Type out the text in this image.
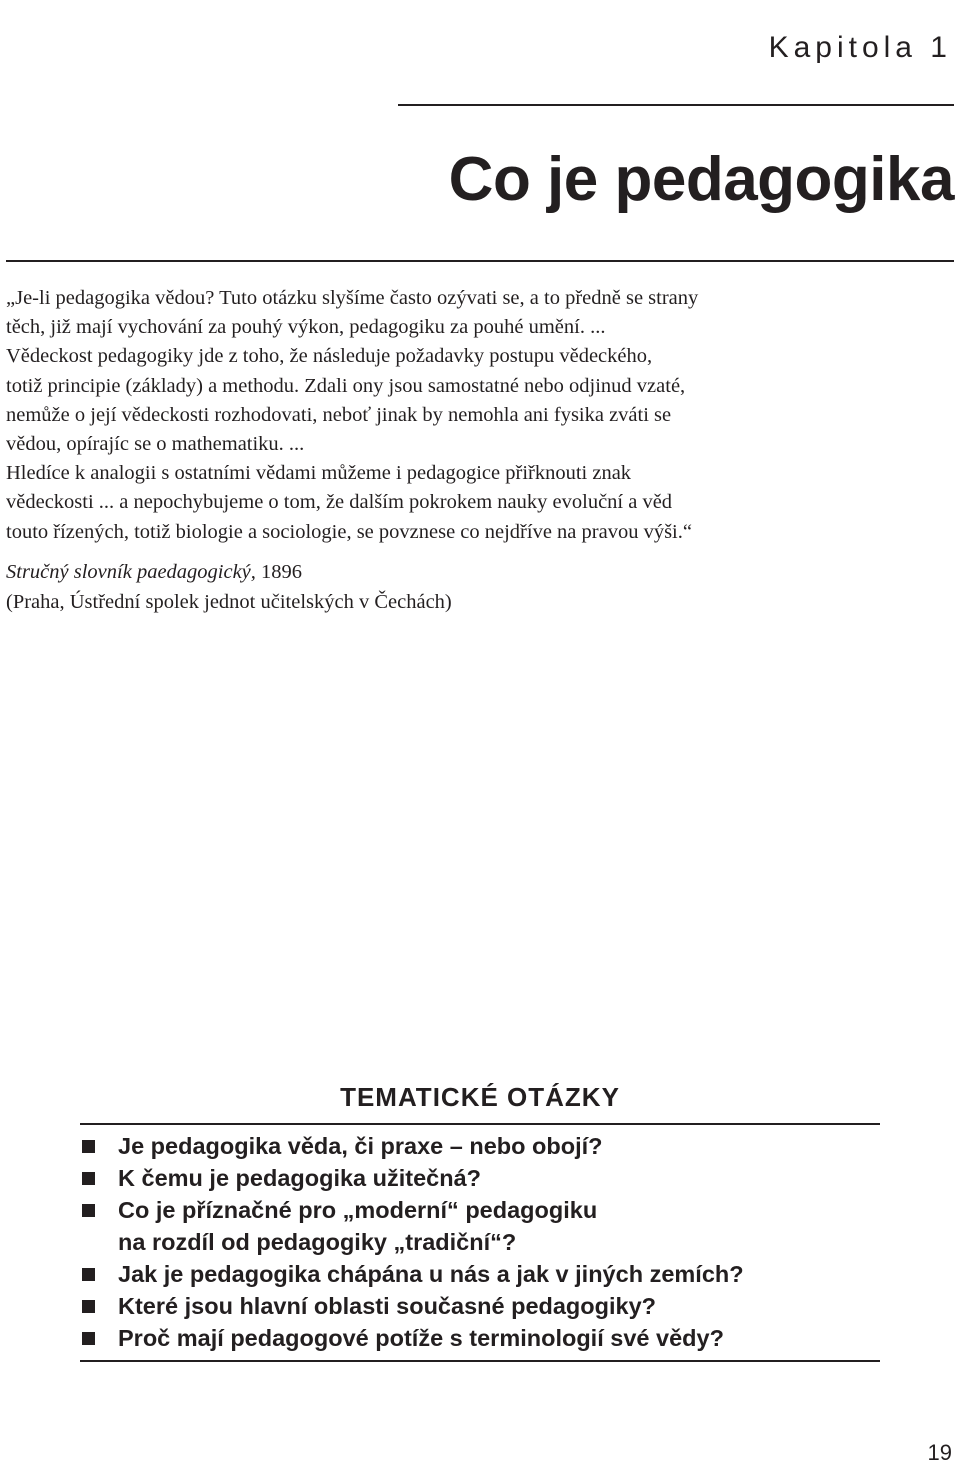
Kapitola 1
Co je pedagogika
„Je-li pedagogika vědou? Tuto otázku slyšíme často ozývati se, a to předně se strany
těch, již mají vychování za pouhý výkon, pedagogiku za pouhé umění. ...
Vědeckost pedagogiky jde z toho, že následuje požadavky postupu vědeckého,
totiž principie (základy) a methodu. Zdali ony jsou samostatné nebo odjinud vzaté,
nemůže o její vědeckosti rozhodovati, neboť jinak by nemohla ani fysika zváti se
vědou, opírajíc se o mathematiku. ...
Hledíce k analogii s ostatními vědami můžeme i pedagogice přiřknouti znak
vědeckosti ... a nepochybujeme o tom, že dalším pokrokem nauky evoluční a věd
touto řízených, totiž biologie a sociologie, se povznese co nejdříve na pravou výši.“
Stručný slovník paedagogický, 1896
(Praha, Ústřední spolek jednot učitelských v Čechách)
TEMATICKÉ OTÁZKY
Je pedagogika věda, či praxe – nebo obojí?
K čemu je pedagogika užitečná?
Co je příznačné pro „moderní“ pedagogiku
na rozdíl od pedagogiky „tradiční“?
Jak je pedagogika chápána u nás a jak v jiných zemích?
Které jsou hlavní oblasti současné pedagogiky?
Proč mají pedagogové potíže s terminologií své vědy?
19
